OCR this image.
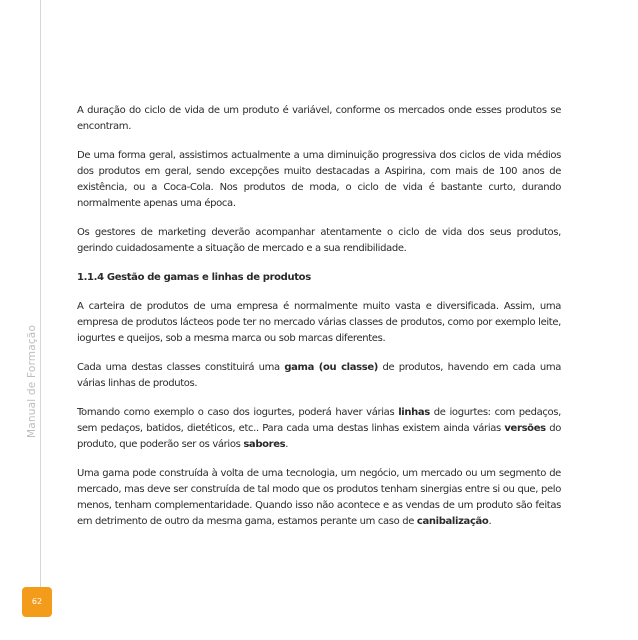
Manual de Formação
62

A duração do ciclo de vida de um produto é variável, conforme os mercados onde esses produtos se encontram.

De uma forma geral, assistimos actualmente a uma diminuição progressiva dos ciclos de vida médios dos produtos em geral, sendo excepções muito destacadas a Aspirina, com mais de 100 anos de existência, ou a Coca-Cola. Nos produtos de moda, o ciclo de vida é bastante curto, durando normalmente apenas uma época.

Os gestores de marketing deverão acompanhar atentamente o ciclo de vida dos seus produtos, gerindo cuidadosamente a situação de mercado e a sua rendibilidade.

1.1.4 Gestão de gamas e linhas de produtos

A carteira de produtos de uma empresa é normalmente muito vasta e diversificada. Assim, uma empresa de produtos lácteos pode ter no mercado várias classes de produtos, como por exemplo leite, iogurtes e queijos, sob a mesma marca ou sob marcas diferentes.

Cada uma destas classes constituirá uma gama (ou classe) de produtos, havendo em cada uma várias linhas de produtos.

Tomando como exemplo o caso dos iogurtes, poderá haver várias linhas de iogurtes: com pedaços, sem pedaços, batidos, dietéticos, etc.. Para cada uma destas linhas existem ainda várias versões do produto, que poderão ser os vários sabores.

Uma gama pode construída à volta de uma tecnologia, um negócio, um mercado ou um segmento de mercado, mas deve ser construída de tal modo que os produtos tenham sinergias entre si ou que, pelo menos, tenham complementaridade. Quando isso não acontece e as vendas de um produto são feitas em detrimento de outro da mesma gama, estamos perante um caso de canibalização.
